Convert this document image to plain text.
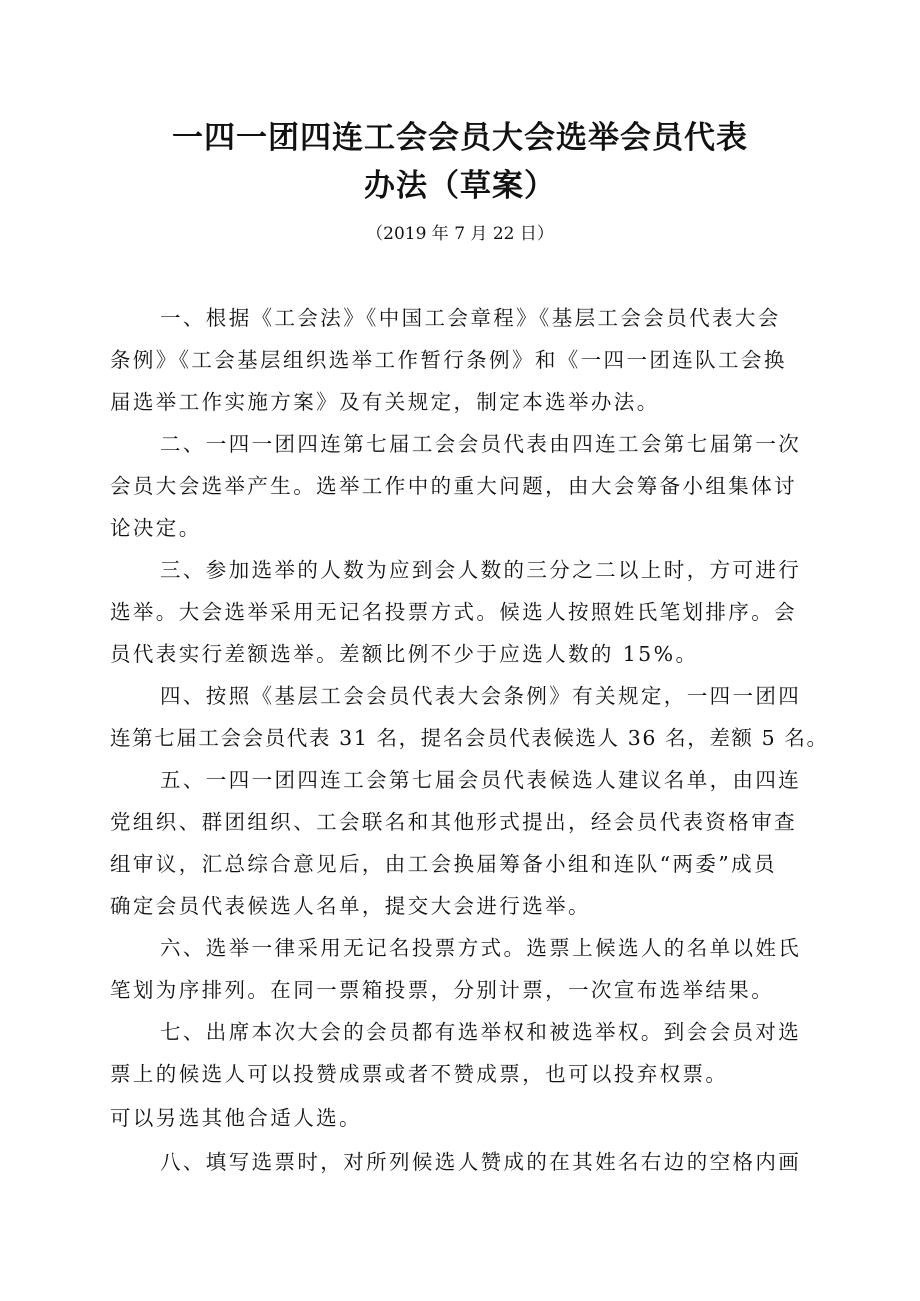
一四一团四连工会会员大会选举会员代表
办法（草案）
（2019 年 7 月 22 日）
一、根据《工会法》《中国工会章程》《基层工会会员代表大会
条例》《工会基层组织选举工作暂行条例》和《一四一团连队工会换
届选举工作实施方案》及有关规定，制定本选举办法。
二、一四一团四连第七届工会会员代表由四连工会第七届第一次
会员大会选举产生。选举工作中的重大问题，由大会筹备小组集体讨
论决定。
三、参加选举的人数为应到会人数的三分之二以上时，方可进行
选举。大会选举采用无记名投票方式。候选人按照姓氏笔划排序。会
员代表实行差额选举。差额比例不少于应选人数的 15%。
四、按照《基层工会会员代表大会条例》有关规定，一四一团四
连第七届工会会员代表 31 名，提名会员代表候选人 36 名，差额 5 名。
五、一四一团四连工会第七届会员代表候选人建议名单，由四连
党组织、群团组织、工会联名和其他形式提出，经会员代表资格审查
组审议，汇总综合意见后，由工会换届筹备小组和连队“两委”成员
确定会员代表候选人名单，提交大会进行选举。
六、选举一律采用无记名投票方式。选票上候选人的名单以姓氏
笔划为序排列。在同一票箱投票，分别计票，一次宣布选举结果。
七、出席本次大会的会员都有选举权和被选举权。到会会员对选
票上的候选人可以投赞成票或者不赞成票，也可以投弃权票。
可以另选其他合适人选。
八、填写选票时，对所列候选人赞成的在其姓名右边的空格内画
